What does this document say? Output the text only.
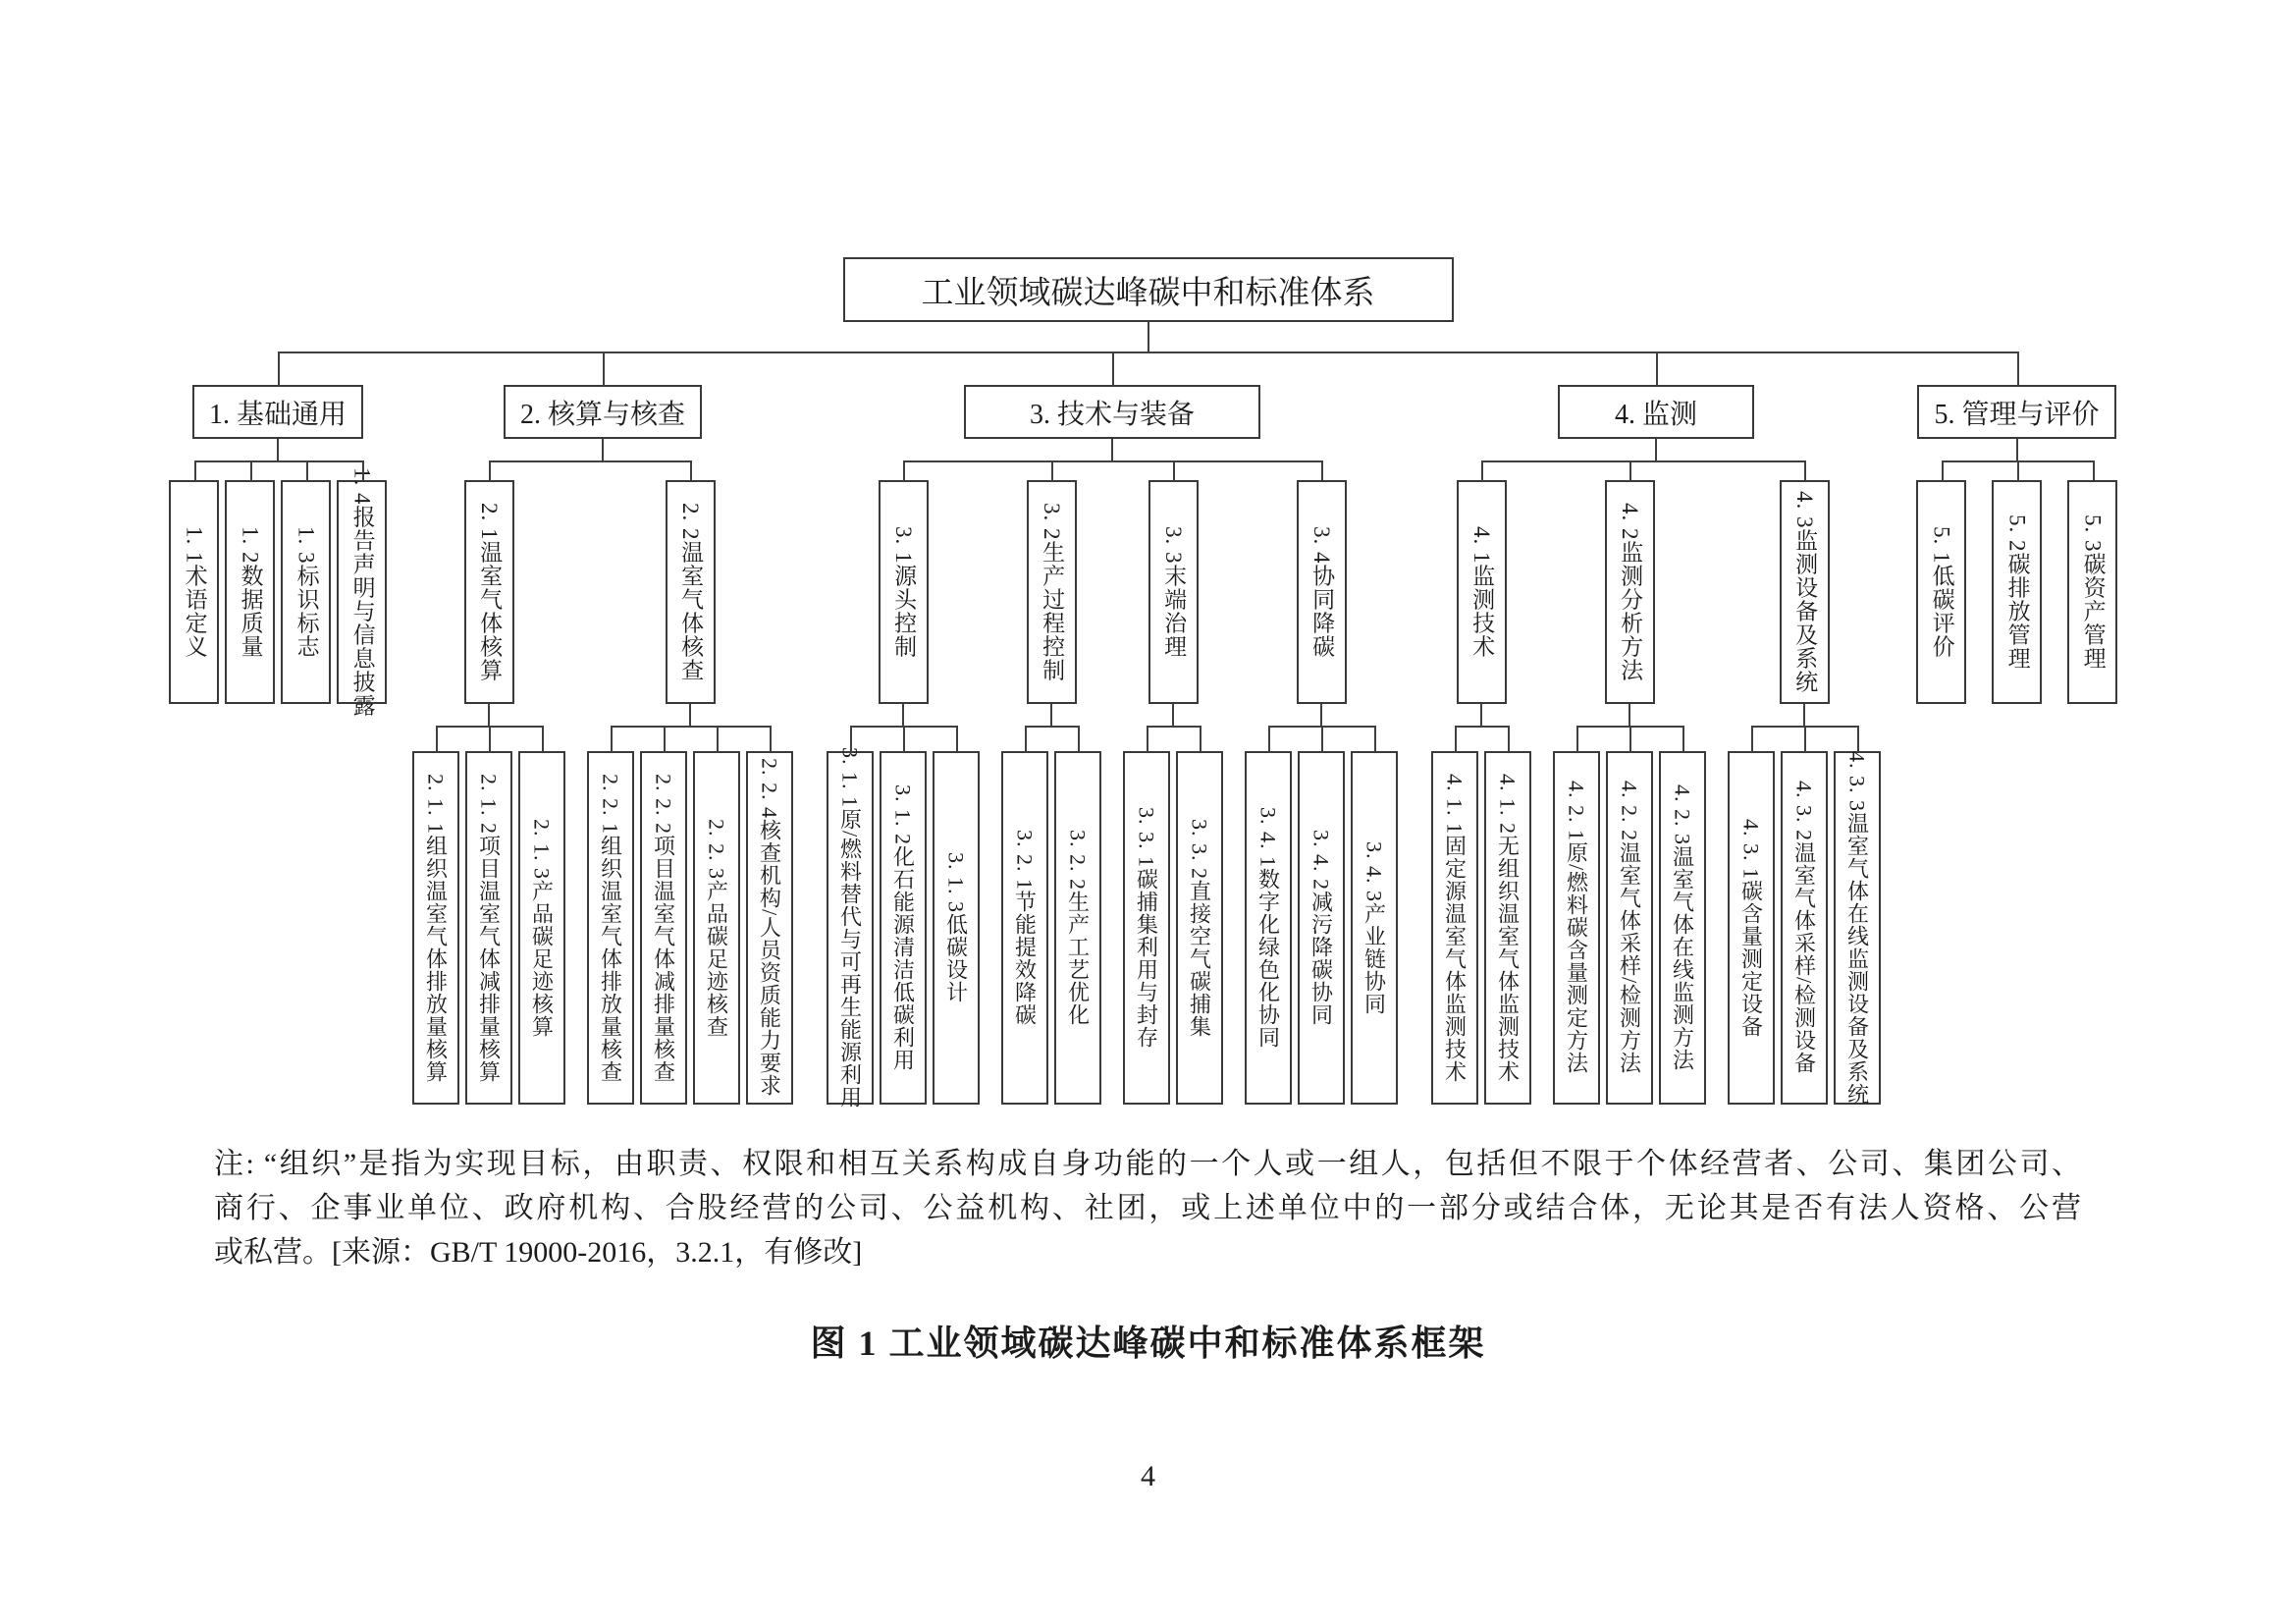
工业领域碳达峰碳中和标准体系
1. 基础通用
1. 1术语定义 1. 2数据质量 1. 3标识标志 1. 4报告声明与信息披露
2. 核算与核查
2. 1温室气体核算
2. 1. 1组织温室气体排放量核算 2. 1. 2项目温室气体减排量核算 2. 1. 3产品碳足迹核算
2. 2温室气体核查
2. 2. 1组织温室气体排放量核查 2. 2. 2项目温室气体减排量核查 2. 2. 3产品碳足迹核查 2. 2. 4核查机构/人员资质能力要求
3. 技术与装备
3. 1源头控制
3. 1. 1原/燃料替代与可再生能源利用 3. 1. 2化石能源清洁低碳利用 3. 1. 3低碳设计
3. 2生产过程控制
3. 2. 1节能提效降碳 3. 2. 2生产工艺优化
3. 3末端治理
3. 3. 1碳捕集利用与封存 3. 3. 2直接空气碳捕集
3. 4协同降碳
3. 4. 1数字化绿色化协同 3. 4. 2减污降碳协同 3. 4. 3产业链协同
4. 监测
4. 1监测技术
4. 1. 1固定源温室气体监测技术 4. 1. 2无组织温室气体监测技术
4. 2监测分析方法
4. 2. 1原/燃料碳含量测定方法 4. 2. 2温室气体采样/检测方法 4. 2. 3温室气体在线监测方法
4. 3监测设备及系统
4. 3. 1碳含量测定设备 4. 3. 2温室气体采样/检测设备 4. 3. 3温室气体在线监测设备及系统
5. 管理与评价
5. 1低碳评价 5. 2碳排放管理 5. 3碳资产管理
注: “组织”是指为实现目标，由职责、权限和相互关系构成自身功能的一个人或一组人，包括但不限于个体经营者、公司、集团公司、
商行、企事业单位、政府机构、合股经营的公司、公益机构、社团，或上述单位中的一部分或结合体，无论其是否有法人资格、公营
或私营。[来源：GB/T 19000-2016，3.2.1，有修改]
图 1 工业领域碳达峰碳中和标准体系框架
4
